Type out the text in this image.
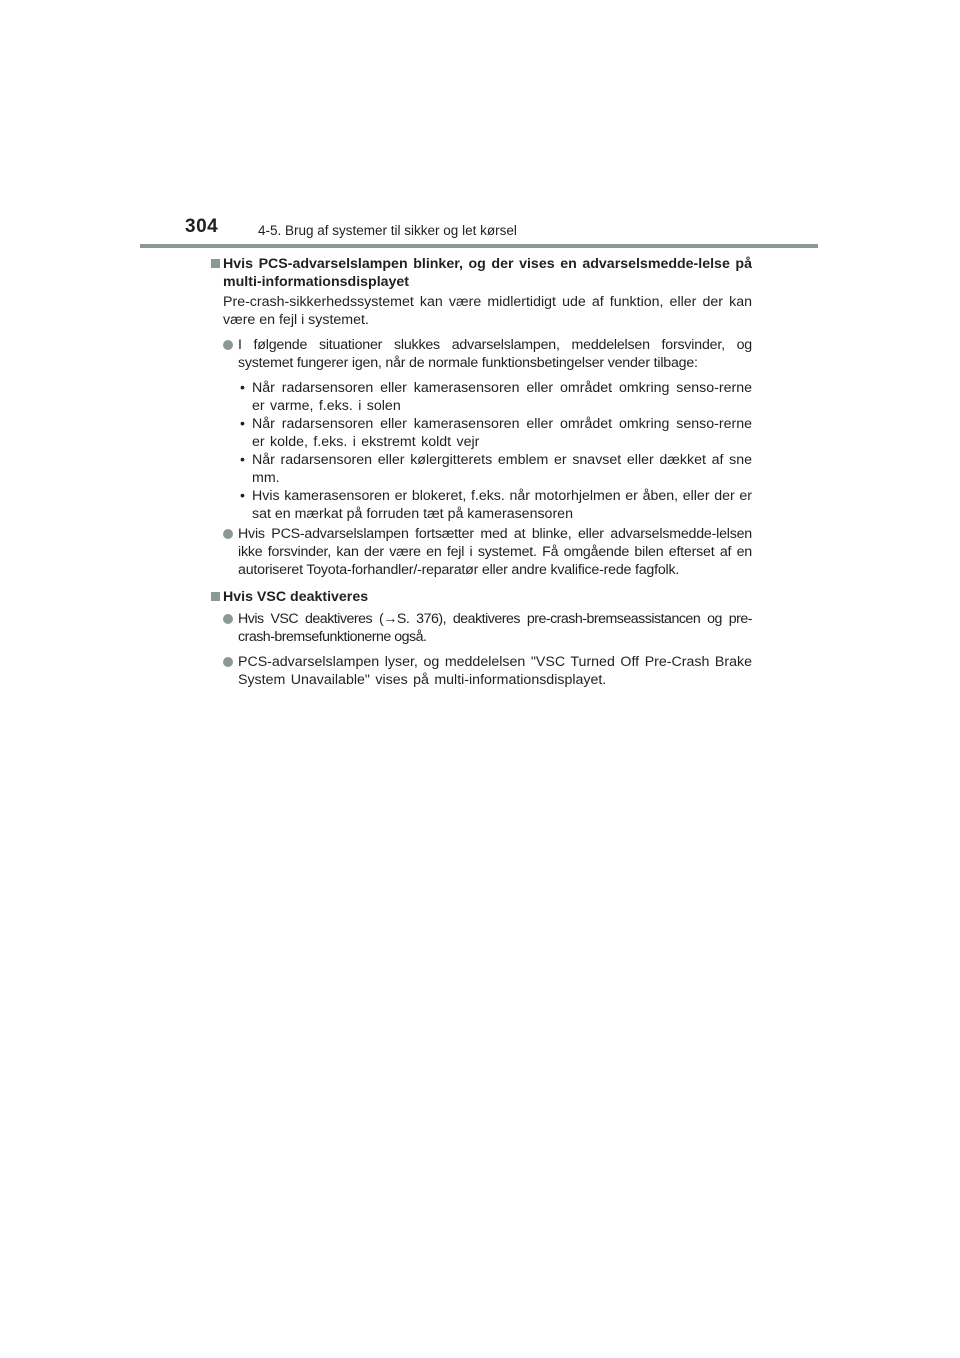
304	4-5. Brug af systemer til sikker og let kørsel

Hvis PCS-advarselslampen blinker, og der vises en advarselsmedde-lelse på multi-informationsdisplayet

Pre-crash-sikkerhedssystemet kan være midlertidigt ude af funktion, eller der kan være en fejl i systemet.

I følgende situationer slukkes advarselslampen, meddelelsen forsvinder, og systemet fungerer igen, når de normale funktionsbetingelser vender tilbage:

• Når radarsensoren eller kamerasensoren eller området omkring senso-rerne er varme, f.eks. i solen

• Når radarsensoren eller kamerasensoren eller området omkring senso-rerne er kolde, f.eks. i ekstremt koldt vejr

• Når radarsensoren eller kølergitterets emblem er snavset eller dækket af sne mm.

• Hvis kamerasensoren er blokeret, f.eks. når motorhjelmen er åben, eller der er sat en mærkat på forruden tæt på kamerasensoren

Hvis PCS-advarselslampen fortsætter med at blinke, eller advarselsmedde-lelsen ikke forsvinder, kan der være en fejl i systemet. Få omgående bilen efterset af en autoriseret Toyota-forhandler/-reparatør eller andre kvalifice-rede fagfolk.

Hvis VSC deaktiveres

Hvis VSC deaktiveres (→S. 376), deaktiveres pre-crash-bremseassistancen og pre-crash-bremsefunktionerne også.

PCS-advarselslampen lyser, og meddelelsen "VSC Turned Off Pre-Crash Brake System Unavailable" vises på multi-informationsdisplayet.
